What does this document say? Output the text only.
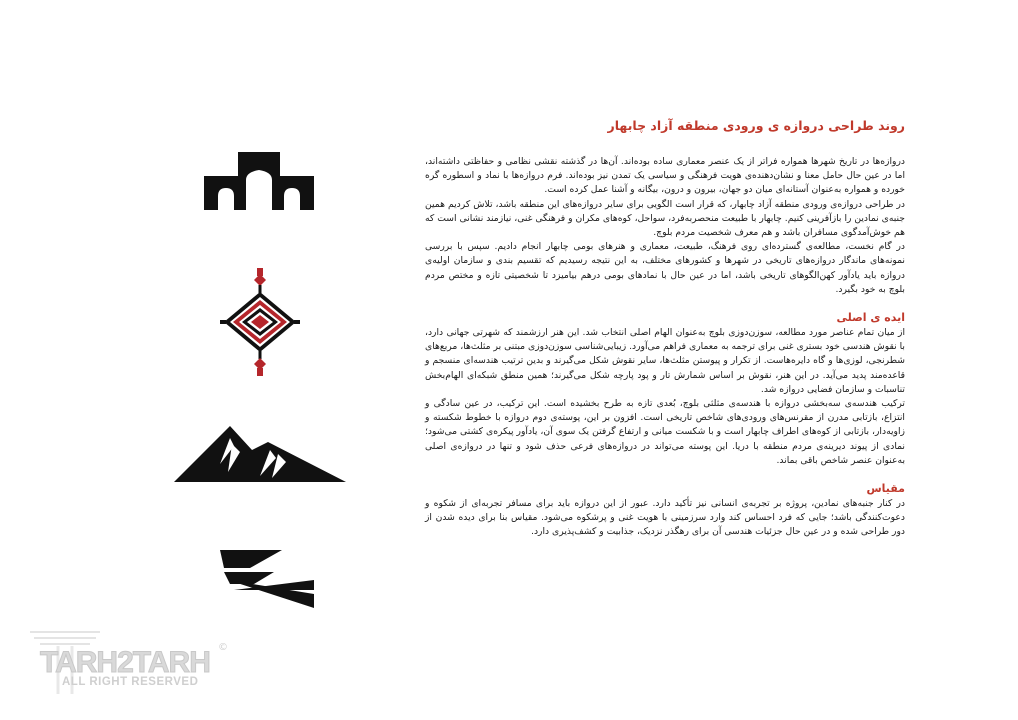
روند طراحی دروازه ی ورودی منطقه آزاد چابهار

دروازه‌ها در تاریخ شهرها همواره فراتر از یک عنصر معماری ساده بوده‌اند. آن‌ها در گذشته نقشی نظامی و حفاظتی داشته‌اند، اما در عین حال حامل معنا و نشان‌دهنده‌ی هویت فرهنگی و سیاسی یک تمدن نیز بوده‌اند. فرم دروازه‌ها با نماد و اسطوره گره خورده و همواره به‌عنوان آستانه‌ای میان دو جهان، بیرون و درون، بیگانه و آشنا عمل کرده است.

در طراحی دروازه‌ی ورودی منطقه آزاد چابهار، که قرار است الگویی برای سایر دروازه‌های این منطقه باشد، تلاش کردیم همین جنبه‌ی نمادین را بازآفرینی کنیم. چابهار با طبیعت منحصربه‌فرد، سواحل، کوه‌های مکران و فرهنگی غنی، نیازمند نشانی است که هم خوش‌آمدگوی مسافران باشد و هم معرف شخصیت مردم بلوچ.

در گام نخست، مطالعه‌ی گسترده‌ای روی فرهنگ، طبیعت، معماری و هنرهای بومی چابهار انجام دادیم. سپس با بررسی نمونه‌های ماندگار دروازه‌های تاریخی در شهرها و کشورهای مختلف، به این نتیجه رسیدیم که تقسیم بندی و سازمان اولیه‌ی دروازه باید یادآور کهن‌الگوهای تاریخی باشد، اما در عین حال با نمادهای بومی درهم بیامیزد تا شخصیتی تازه و مختص مردم بلوچ به خود بگیرد.

ایده ی اصلی

از میان تمام عناصر مورد مطالعه، سوزن‌دوزی بلوچ به‌عنوان الهام اصلی انتخاب شد. این هنر ارزشمند که شهرتی جهانی دارد، با نقوش هندسی خود بستری غنی برای ترجمه به معماری فراهم می‌آورد. زیبایی‌شناسی سوزن‌دوزی مبتنی بر مثلث‌ها، مربع‌های شطرنجی، لوزی‌ها و گاه دایره‌هاست. از تکرار و پیوستن مثلث‌ها، سایر نقوش شکل می‌گیرند و بدین ترتیب هندسه‌ای منسجم و قاعده‌مند پدید می‌آید. در این هنر، نقوش بر اساس شمارش تار و پود پارچه شکل می‌گیرند؛ همین منطق شبکه‌ای الهام‌بخش تناسبات و سازمان فضایی دروازه شد.

ترکیب هندسه‌ی سه‌بخشی دروازه با هندسه‌ی مثلثی بلوچ، بُعدی تازه به طرح بخشیده است. این ترکیب، در عین سادگی و انتزاع، بازتابی مدرن از مقرنس‌های ورودی‌های شاخص تاریخی است. افزون بر این، پوسته‌ی دوم دروازه با خطوط شکسته و زاویه‌دار، بازتابی از کوه‌های اطراف چابهار است و با شکست میانی و ارتفاع گرفتن یک سوی آن، یادآور پیکره‌ی کشتی می‌شود؛ نمادی از پیوند دیرینه‌ی مردم منطقه با دریا. این پوسته می‌تواند در دروازه‌های فرعی حذف شود و تنها در دروازه‌ی اصلی به‌عنوان عنصر شاخص باقی بماند.

مقیاس

در کنار جنبه‌های نمادین، پروژه بر تجربه‌ی انسانی نیز تأکید دارد. عبور از این دروازه باید برای مسافر تجربه‌ای از شکوه و دعوت‌کنندگی باشد؛ جایی که فرد احساس کند وارد سرزمینی با هویت غنی و پرشکوه می‌شود. مقیاس بنا برای دیده شدن از دور طراحی شده و در عین حال جزئیات هندسی آن برای رهگذر نزدیک، جذابیت و کشف‌پذیری دارد.

TARH2TARH
ALL RIGHT RESERVED
©
